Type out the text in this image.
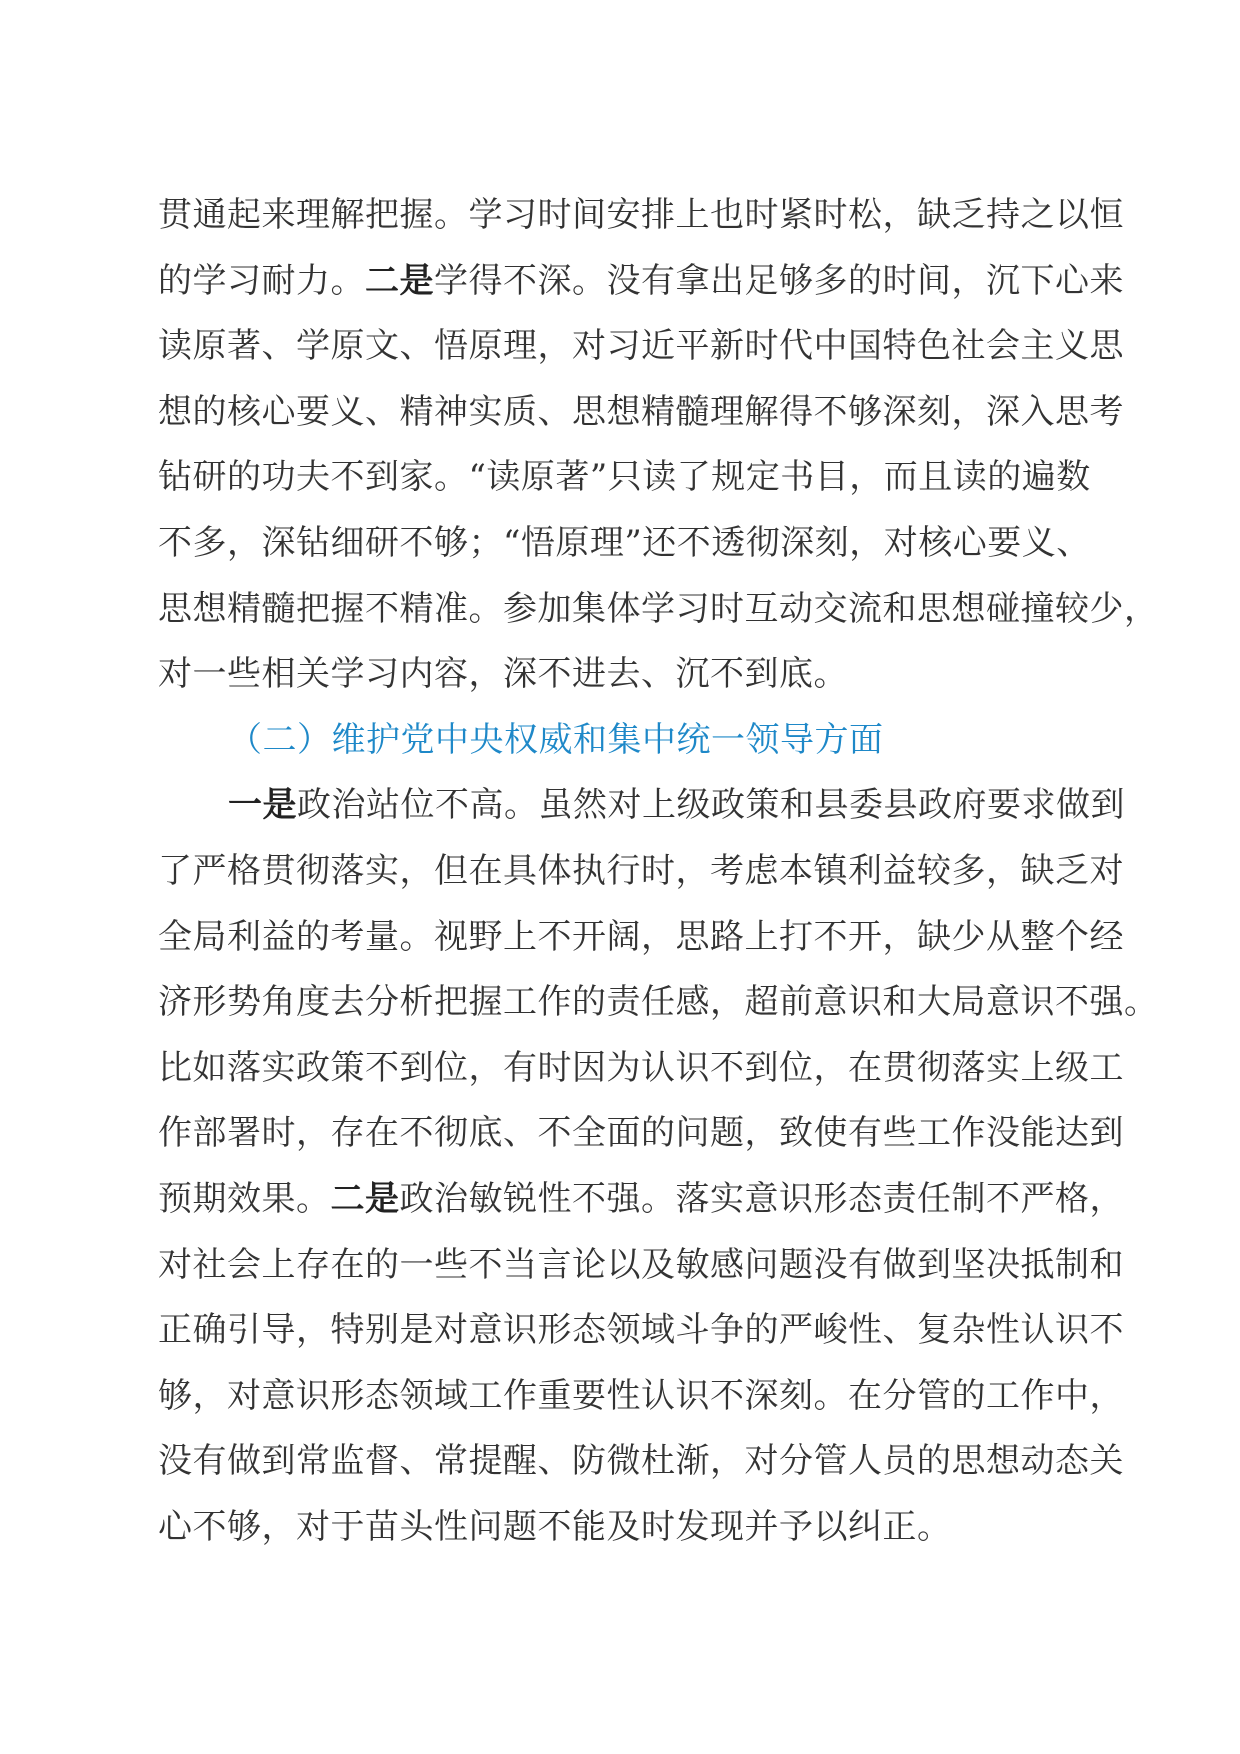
贯通起来理解把握。学习时间安排上也时紧时松，缺乏持之以恒
的学习耐力。二是学得不深。没有拿出足够多的时间，沉下心来
读原著、学原文、悟原理，对习近平新时代中国特色社会主义思
想的核心要义、精神实质、思想精髓理解得不够深刻，深入思考
钻研的功夫不到家。“读原著”只读了规定书目，而且读的遍数
不多，深钻细研不够；“悟原理”还不透彻深刻，对核心要义、
思想精髓把握不精准。参加集体学习时互动交流和思想碰撞较少，
对一些相关学习内容，深不进去、沉不到底。
（二）维护党中央权威和集中统一领导方面
一是政治站位不高。虽然对上级政策和县委县政府要求做到
了严格贯彻落实，但在具体执行时，考虑本镇利益较多，缺乏对
全局利益的考量。视野上不开阔，思路上打不开，缺少从整个经
济形势角度去分析把握工作的责任感，超前意识和大局意识不强。
比如落实政策不到位，有时因为认识不到位，在贯彻落实上级工
作部署时，存在不彻底、不全面的问题，致使有些工作没能达到
预期效果。二是政治敏锐性不强。落实意识形态责任制不严格，
对社会上存在的一些不当言论以及敏感问题没有做到坚决抵制和
正确引导，特别是对意识形态领域斗争的严峻性、复杂性认识不
够，对意识形态领域工作重要性认识不深刻。在分管的工作中，
没有做到常监督、常提醒、防微杜渐，对分管人员的思想动态关
心不够，对于苗头性问题不能及时发现并予以纠正。
